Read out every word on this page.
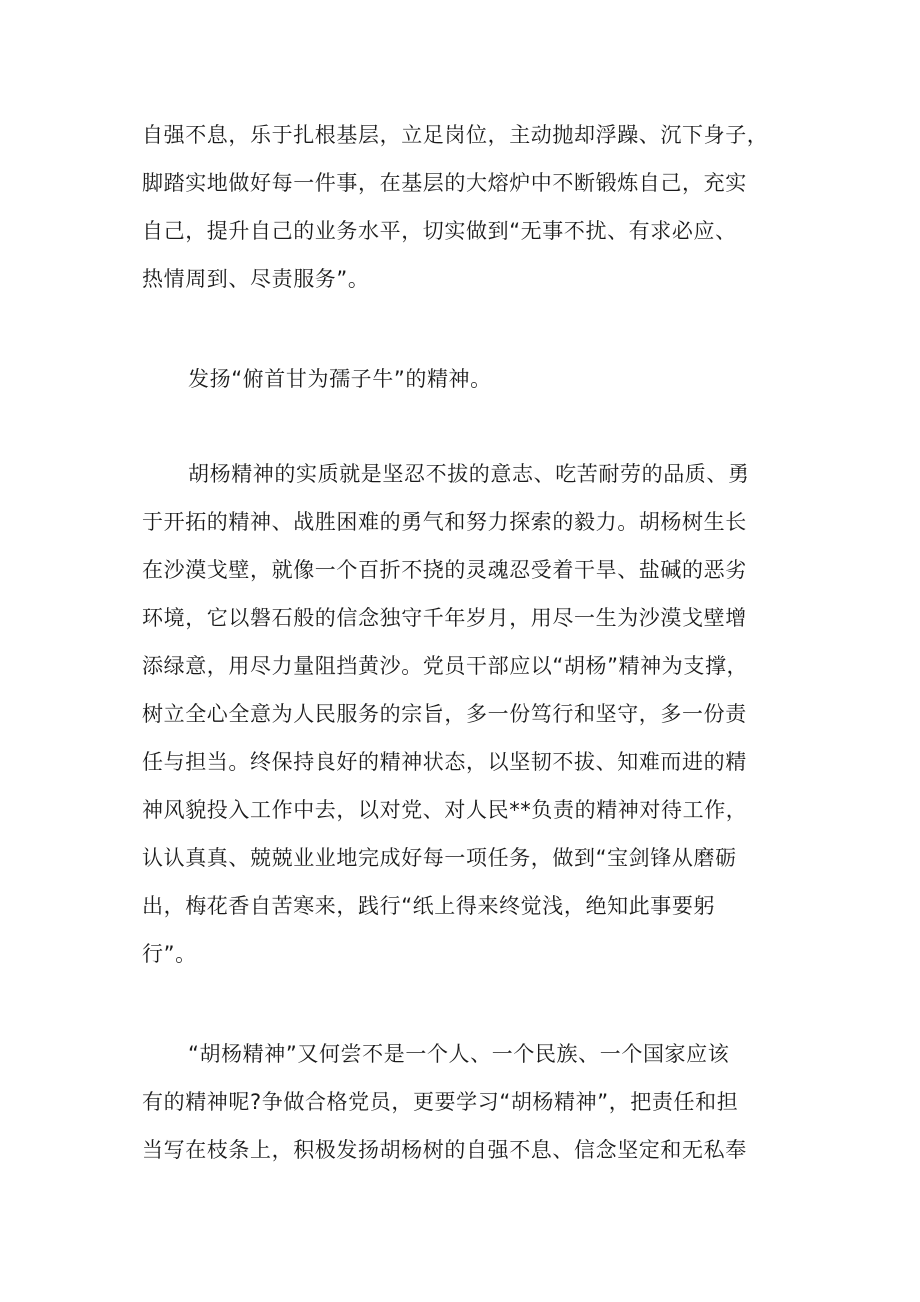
自强不息，乐于扎根基层，立足岗位，主动抛却浮躁、沉下身子，
脚踏实地做好每一件事，在基层的大熔炉中不断锻炼自己，充实
自己，提升自己的业务水平，切实做到“无事不扰、有求必应、
热情周到、尽责服务”。
发扬“俯首甘为孺子牛”的精神。
胡杨精神的实质就是坚忍不拔的意志、吃苦耐劳的品质、勇
于开拓的精神、战胜困难的勇气和努力探索的毅力。胡杨树生长
在沙漠戈壁，就像一个百折不挠的灵魂忍受着干旱、盐碱的恶劣
环境，它以磐石般的信念独守千年岁月，用尽一生为沙漠戈壁增
添绿意，用尽力量阻挡黄沙。党员干部应以“胡杨”精神为支撑，
树立全心全意为人民服务的宗旨，多一份笃行和坚守，多一份责
任与担当。终保持良好的精神状态，以坚韧不拔、知难而进的精
神风貌投入工作中去，以对党、对人民**负责的精神对待工作，
认认真真、兢兢业业地完成好每一项任务，做到“宝剑锋从磨砺
出，梅花香自苦寒来，践行“纸上得来终觉浅，绝知此事要躬
行”。
“胡杨精神”又何尝不是一个人、一个民族、一个国家应该
有的精神呢?争做合格党员，更要学习“胡杨精神”，把责任和担
当写在枝条上，积极发扬胡杨树的自强不息、信念坚定和无私奉
